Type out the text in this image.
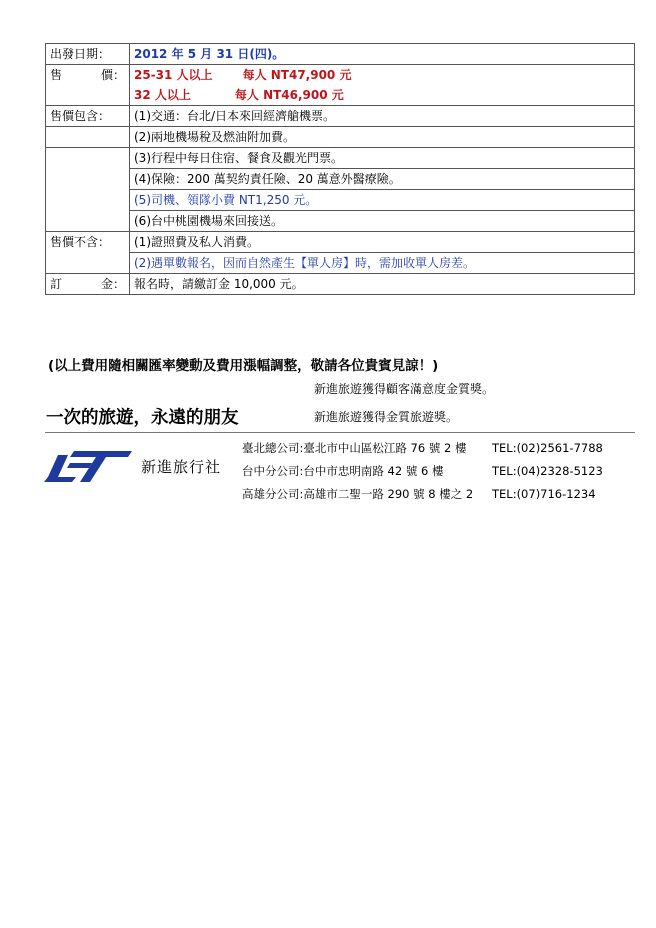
出發日期：	2012 年 5 月 31 日(四)。

售 價：	25-31 人以上 每人 NT47,900 元
	32 人以上 每人 NT46,900 元
售價包含：	(1)交通：台北/日本來回經濟艙機票。
	(2)兩地機場稅及燃油附加費。
	(3)行程中每日住宿、餐食及觀光門票。
	(4)保險：200 萬契約責任險、20 萬意外醫療險。
	(5)司機、領隊小費 NT1,250 元。
	(6)台中桃園機場來回接送。
售價不含：	(1)證照費及私人消費。
	(2)遇單數報名，因而自然產生【單人房】時，需加收單人房差。

訂 金：	報名時，請繳訂金 10,000 元。
(以上費用隨相關匯率變動及費用漲幅調整，敬請各位貴賓見諒！)
新進旅遊獲得顧客滿意度金質獎。
一次的旅遊，永遠的朋友	新進旅遊獲得金質旅遊獎。
新進旅行社
臺北總公司:臺北市中山區松江路 76 號 2 樓 TEL:(02)2561-7788
台中分公司:台中市忠明南路 42 號 6 樓	TEL:(04)2328-5123
高雄分公司:高雄市二聖一路 290 號 8 樓之 2 TEL:(07)716-1234
